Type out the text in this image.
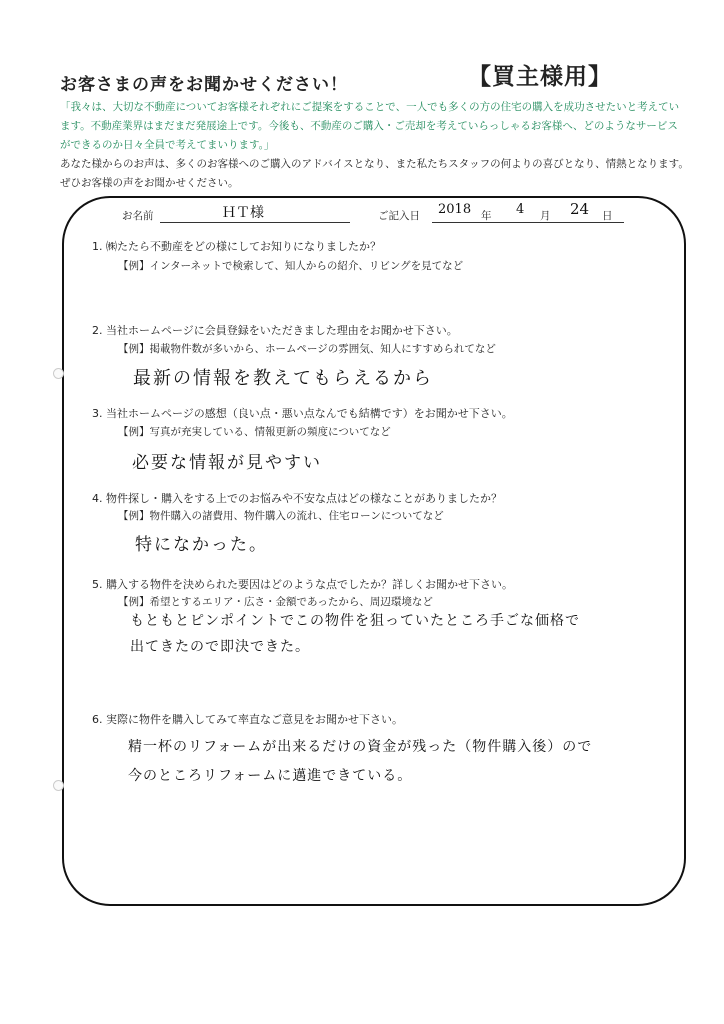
お客さまの声をお聞かせください！	【買主様用】
「我々は、大切な不動産についてお客様それぞれにご提案をすることで、一人でも多くの方の住宅の購入を成功させたいと考えています。不動産業界はまだまだ発展途上です。今後も、不動産のご購入・ご売却を考えていらっしゃるお客様へ、どのようなサービスができるのか日々全員で考えてまいります。」
あなた様からのお声は、多くのお客様へのご購入のアドバイスとなり、また私たちスタッフの何よりの喜びとなり、情熱となります。ぜひお客様の声をお聞かせください。
お名前	ＨＴ様	ご記入日 2018 年 4 月 24 日
1. ㈱たたら不動産をどの様にしてお知りになりましたか？
【例】インターネットで検索して、知人からの紹介、リビングを見てなど
2. 当社ホームページに会員登録をいただきました理由をお聞かせ下さい。
【例】掲載物件数が多いから、ホームページの雰囲気、知人にすすめられてなど
最新の情報を教えてもらえるから
3. 当社ホームページの感想（良い点・悪い点なんでも結構です）をお聞かせ下さい。
【例】写真が充実している、情報更新の頻度についてなど
必要な情報が見やすい
4. 物件探し・購入をする上でのお悩みや不安な点はどの様なことがありましたか？
【例】物件購入の諸費用、物件購入の流れ、住宅ローンについてなど
特になかった。
5. 購入する物件を決められた要因はどのような点でしたか？詳しくお聞かせ下さい。
【例】希望とするエリア・広さ・金額であったから、周辺環境など
もともとピンポイントでこの物件を狙っていたところ手ごな価格で
出てきたので即決できた。
6. 実際に物件を購入してみて率直なご意見をお聞かせ下さい。
精一杯のリフォームが出来るだけの資金が残った（物件購入後）ので
今のところリフォームに邁進できている。
